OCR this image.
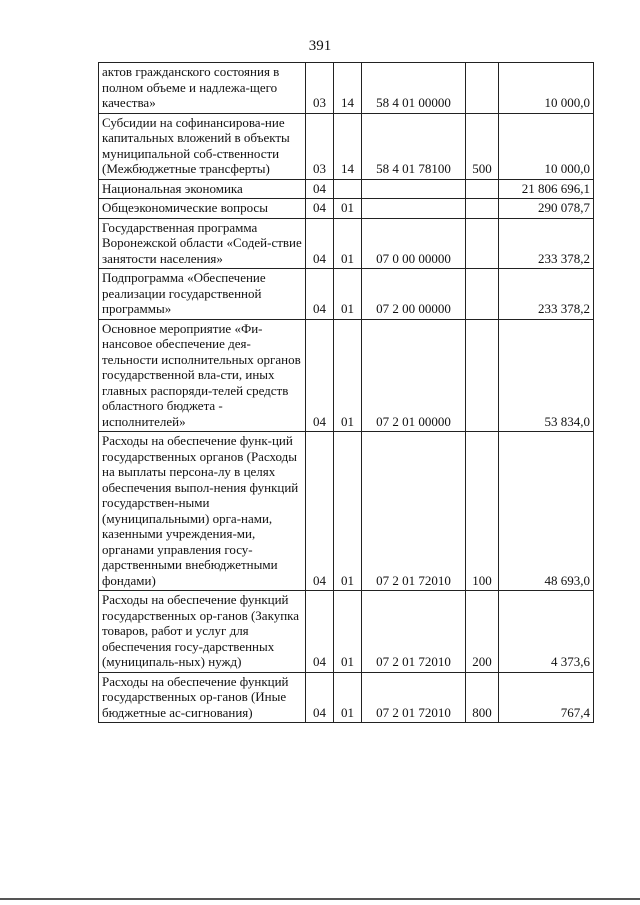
391
актов гражданского состояния в полном объеме и надлежа-щего качества»	03	14	58 4 01 00000		10 000,0
Субсидии на софинансирова-ние капитальных вложений в объекты муниципальной соб-ственности (Межбюджетные трансферты)	03	14	58 4 01 78100	500	10 000,0
Национальная экономика	04				21 806 696,1
Общеэкономические вопросы	04	01			290 078,7
Государственная программа Воронежской области «Содей-ствие занятости населения»	04	01	07 0 00 00000		233 378,2
Подпрограмма «Обеспечение реализации государственной программы»	04	01	07 2 00 00000		233 378,2
Основное мероприятие «Фи-нансовое обеспечение дея-тельности исполнительных органов государственной вла-сти, иных главных распоряди-телей средств областного бюджета - исполнителей»	04	01	07 2 01 00000		53 834,0
Расходы на обеспечение функ-ций государственных органов (Расходы на выплаты персона-лу в целях обеспечения выпол-нения функций государствен-ными (муниципальными) орга-нами, казенными учреждения-ми, органами управления госу-дарственными внебюджетными фондами)	04	01	07 2 01 72010	100	48 693,0
Расходы на обеспечение функций государственных ор-ганов (Закупка товаров, работ и услуг для обеспечения госу-дарственных (муниципаль-ных) нужд)	04	01	07 2 01 72010	200	4 373,6
Расходы на обеспечение функций государственных ор-ганов (Иные бюджетные ас-сигнования)	04	01	07 2 01 72010	800	767,4
